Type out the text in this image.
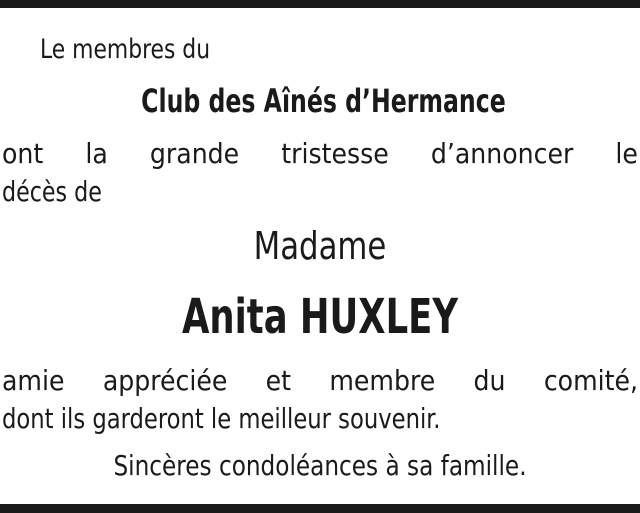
Le membres du
Club des Aînés d’Hermance
ont la grande tristesse d’annoncer le
décès de
Madame
Anita HUXLEY
amie appréciée et membre du comité,
dont ils garderont le meilleur souvenir.
Sincères condoléances à sa famille.
